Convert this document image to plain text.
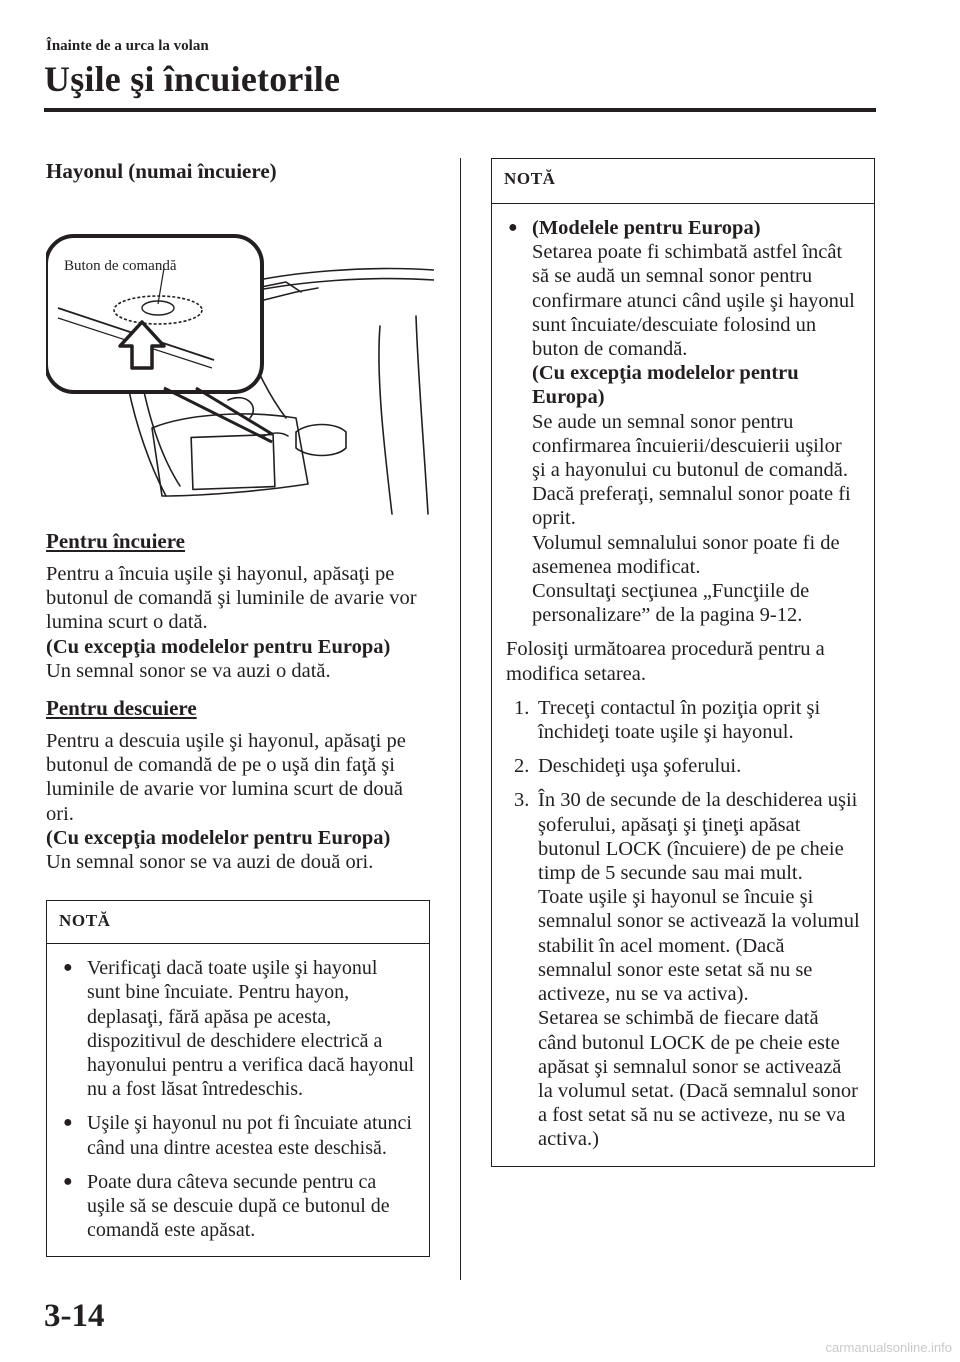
Înainte de a urca la volan
Uşile şi încuietorile

Hayonul (numai încuiere)

Buton de comandă

Pentru încuiere

Pentru a încuia uşile şi hayonul, apăsaţi pe butonul de comandă şi luminile de avarie vor lumina scurt o dată.

(Cu excepţia modelelor pentru Europa)

Un semnal sonor se va auzi o dată.

Pentru descuiere

Pentru a descuia uşile şi hayonul, apăsaţi pe butonul de comandă de pe o uşă din faţă şi luminile de avarie vor lumina scurt de două ori.

(Cu excepţia modelelor pentru Europa)

Un semnal sonor se va auzi de două ori.

NOTĂ
● Verificaţi dacă toate uşile şi hayonul sunt bine încuiate. Pentru hayon, deplasaţi, fără apăsa pe acesta, dispozitivul de deschidere electrică a hayonului pentru a verifica dacă hayonul nu a fost lăsat întredeschis.
● Uşile şi hayonul nu pot fi încuiate atunci când una dintre acestea este deschisă.
● Poate dura câteva secunde pentru ca uşile să se descuie după ce butonul de comandă este apăsat.
NOTĂ
● (Modelele pentru Europa)
Setarea poate fi schimbată astfel încât să se audă un semnal sonor pentru confirmare atunci când uşile şi hayonul sunt încuiate/descuiate folosind un buton de comandă.
(Cu excepţia modelelor pentru Europa)
Se aude un semnal sonor pentru confirmarea încuierii/descuierii uşilor şi a hayonului cu butonul de comandă. Dacă preferaţi, semnalul sonor poate fi oprit.
Volumul semnalului sonor poate fi de asemenea modificat.
Consultaţi secţiunea „Funcţiile de personalizare” de la pagina 9-12.

Folosiţi următoarea procedură pentru a modifica setarea.

1. Treceţi contactul în poziţia oprit şi închideţi toate uşile şi hayonul.
2. Deschideţi uşa şoferului.
3. În 30 de secunde de la deschiderea uşii şoferului, apăsaţi şi ţineţi apăsat butonul LOCK (încuiere) de pe cheie timp de 5 secunde sau mai mult.
Toate uşile şi hayonul se încuie şi semnalul sonor se activează la volumul stabilit în acel moment. (Dacă semnalul sonor este setat să nu se activeze, nu se va activa).
Setarea se schimbă de fiecare dată când butonul LOCK de pe cheie este apăsat şi semnalul sonor se activează la volumul setat. (Dacă semnalul sonor a fost setat să nu se activeze, nu se va activa.)
3-14
carmanualsonline.info
